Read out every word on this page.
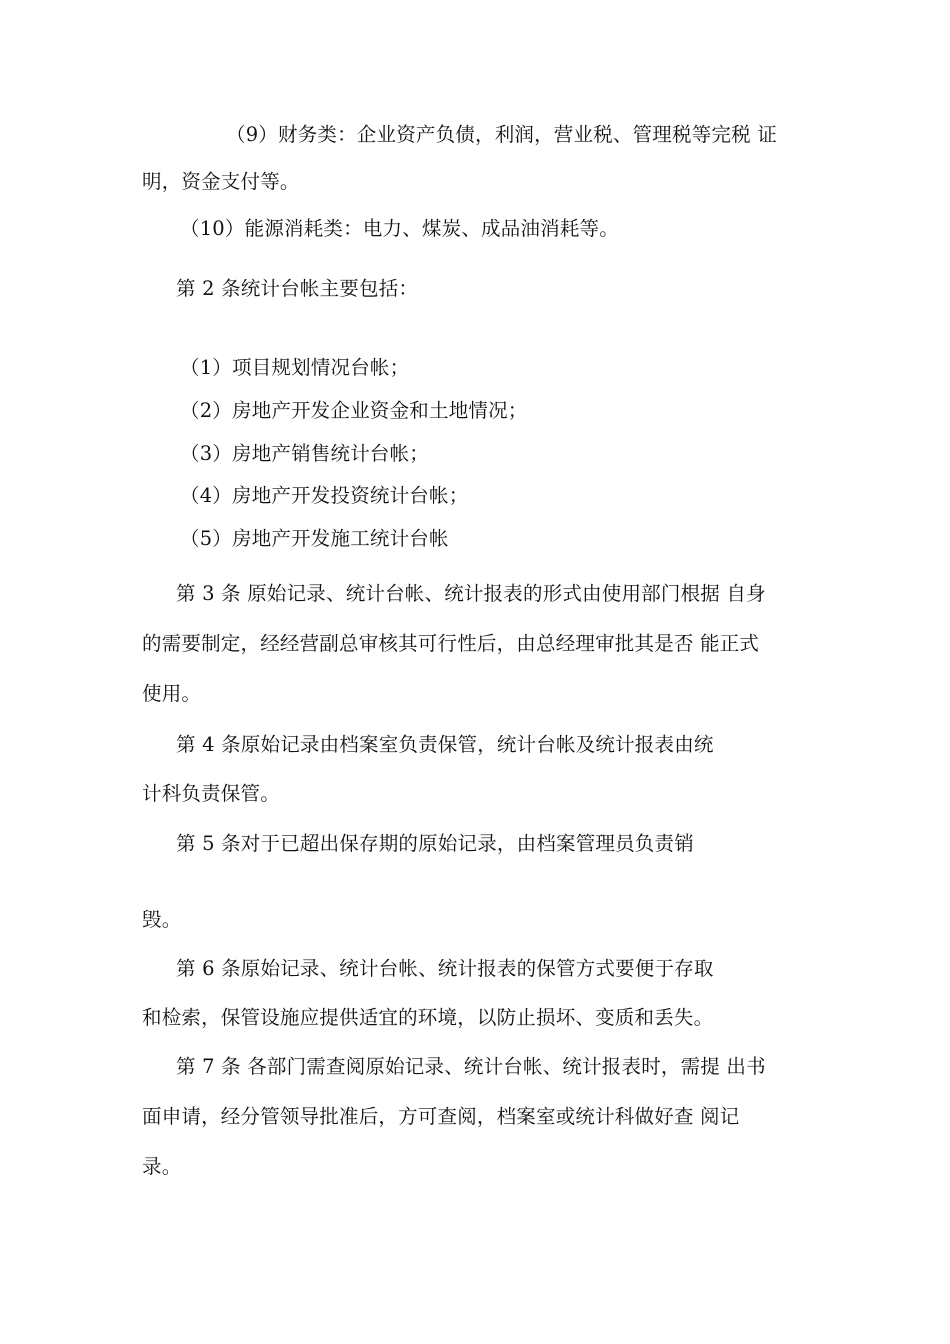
（9）财务类：企业资产负债，利润，营业税、管理税等完税 证
明，资金支付等。
（10）能源消耗类：电力、煤炭、成品油消耗等。
第 2 条统计台帐主要包括：
（1）项目规划情况台帐；
（2）房地产开发企业资金和土地情况；
（3）房地产销售统计台帐；
（4）房地产开发投资统计台帐；
（5）房地产开发施工统计台帐
第 3 条 原始记录、统计台帐、统计报表的形式由使用部门根据 自身
的需要制定，经经营副总审核其可行性后，由总经理审批其是否 能正式
使用。
第 4 条原始记录由档案室负责保管，统计台帐及统计报表由统
计科负责保管。
第 5 条对于已超出保存期的原始记录，由档案管理员负责销
毁。
第 6 条原始记录、统计台帐、统计报表的保管方式要便于存取
和检索，保管设施应提供适宜的环境，以防止损坏、变质和丢失。
第 7 条 各部门需查阅原始记录、统计台帐、统计报表时，需提 出书
面申请，经分管领导批准后，方可查阅，档案室或统计科做好查 阅记
录。
